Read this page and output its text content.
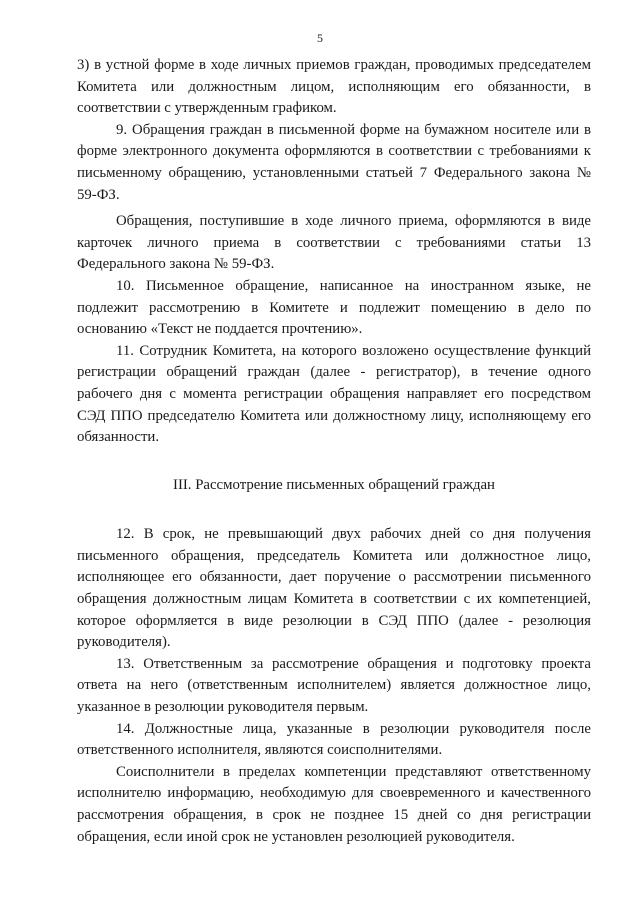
5

3) в устной форме в ходе личных приемов граждан, проводимых председателем Комитета или должностным лицом, исполняющим его обязанности, в соответствии с утвержденным графиком.

9. Обращения граждан в письменной форме на бумажном носителе или в форме электронного документа оформляются в соответствии с требованиями к письменному обращению, установленными статьей 7 Федерального закона № 59-ФЗ.

Обращения, поступившие в ходе личного приема, оформляются в виде карточек личного приема в соответствии с требованиями статьи 13 Федерального закона № 59-ФЗ.

10. Письменное обращение, написанное на иностранном языке, не подлежит рассмотрению в Комитете и подлежит помещению в дело по основанию «Текст не поддается прочтению».

11. Сотрудник Комитета, на которого возложено осуществление функций регистрации обращений граждан (далее - регистратор), в течение одного рабочего дня с момента регистрации обращения направляет его посредством СЭД ППО председателю Комитета или должностному лицу, исполняющему его обязанности.

III. Рассмотрение письменных обращений граждан

12. В срок, не превышающий двух рабочих дней со дня получения письменного обращения, председатель Комитета или должностное лицо, исполняющее его обязанности, дает поручение о рассмотрении письменного обращения должностным лицам Комитета в соответствии с их компетенцией, которое оформляется в виде резолюции в СЭД ППО (далее - резолюция руководителя).

13. Ответственным за рассмотрение обращения и подготовку проекта ответа на него (ответственным исполнителем) является должностное лицо, указанное в резолюции руководителя первым.

14. Должностные лица, указанные в резолюции руководителя после ответственного исполнителя, являются соисполнителями.

Соисполнители в пределах компетенции представляют ответственному исполнителю информацию, необходимую для своевременного и качественного рассмотрения обращения, в срок не позднее 15 дней со дня регистрации обращения, если иной срок не установлен резолюцией руководителя.
